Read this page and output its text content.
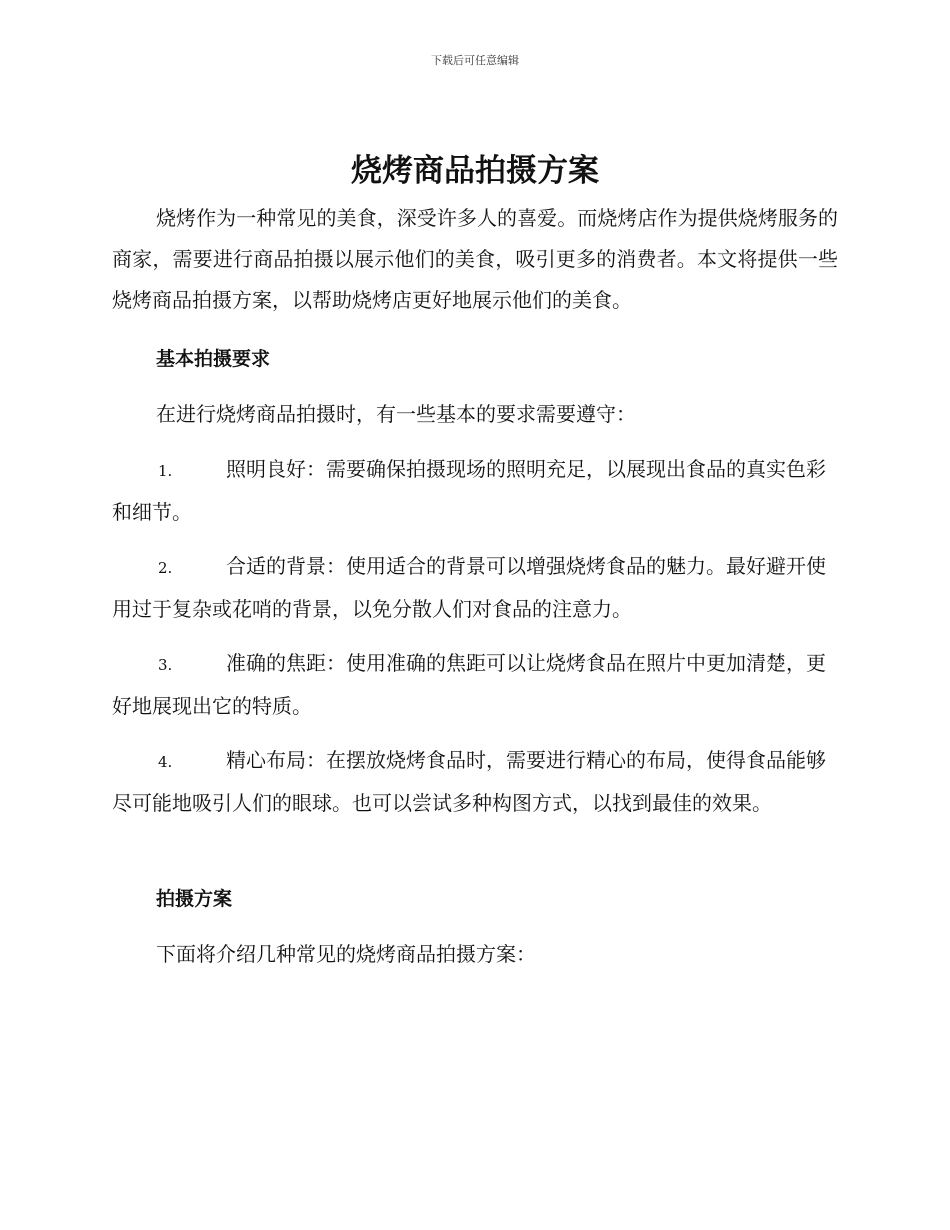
下载后可任意编辑
烧烤商品拍摄方案

烧烤作为一种常见的美食，深受许多人的喜爱。而烧烤店作为提供烧烤服务的商家，需要进行商品拍摄以展示他们的美食，吸引更多的消费者。本文将提供一些烧烤商品拍摄方案，以帮助烧烤店更好地展示他们的美食。

基本拍摄要求

在进行烧烤商品拍摄时，有一些基本的要求需要遵守：

1.	照明良好：需要确保拍摄现场的照明充足，以展现出食品的真实色彩和细节。

2.	合适的背景：使用适合的背景可以增强烧烤食品的魅力。最好避开使用过于复杂或花哨的背景，以免分散人们对食品的注意力。

3.	准确的焦距：使用准确的焦距可以让烧烤食品在照片中更加清楚，更好地展现出它的特质。

4.	精心布局：在摆放烧烤食品时，需要进行精心的布局，使得食品能够尽可能地吸引人们的眼球。也可以尝试多种构图方式，以找到最佳的效果。

拍摄方案

下面将介绍几种常见的烧烤商品拍摄方案：
